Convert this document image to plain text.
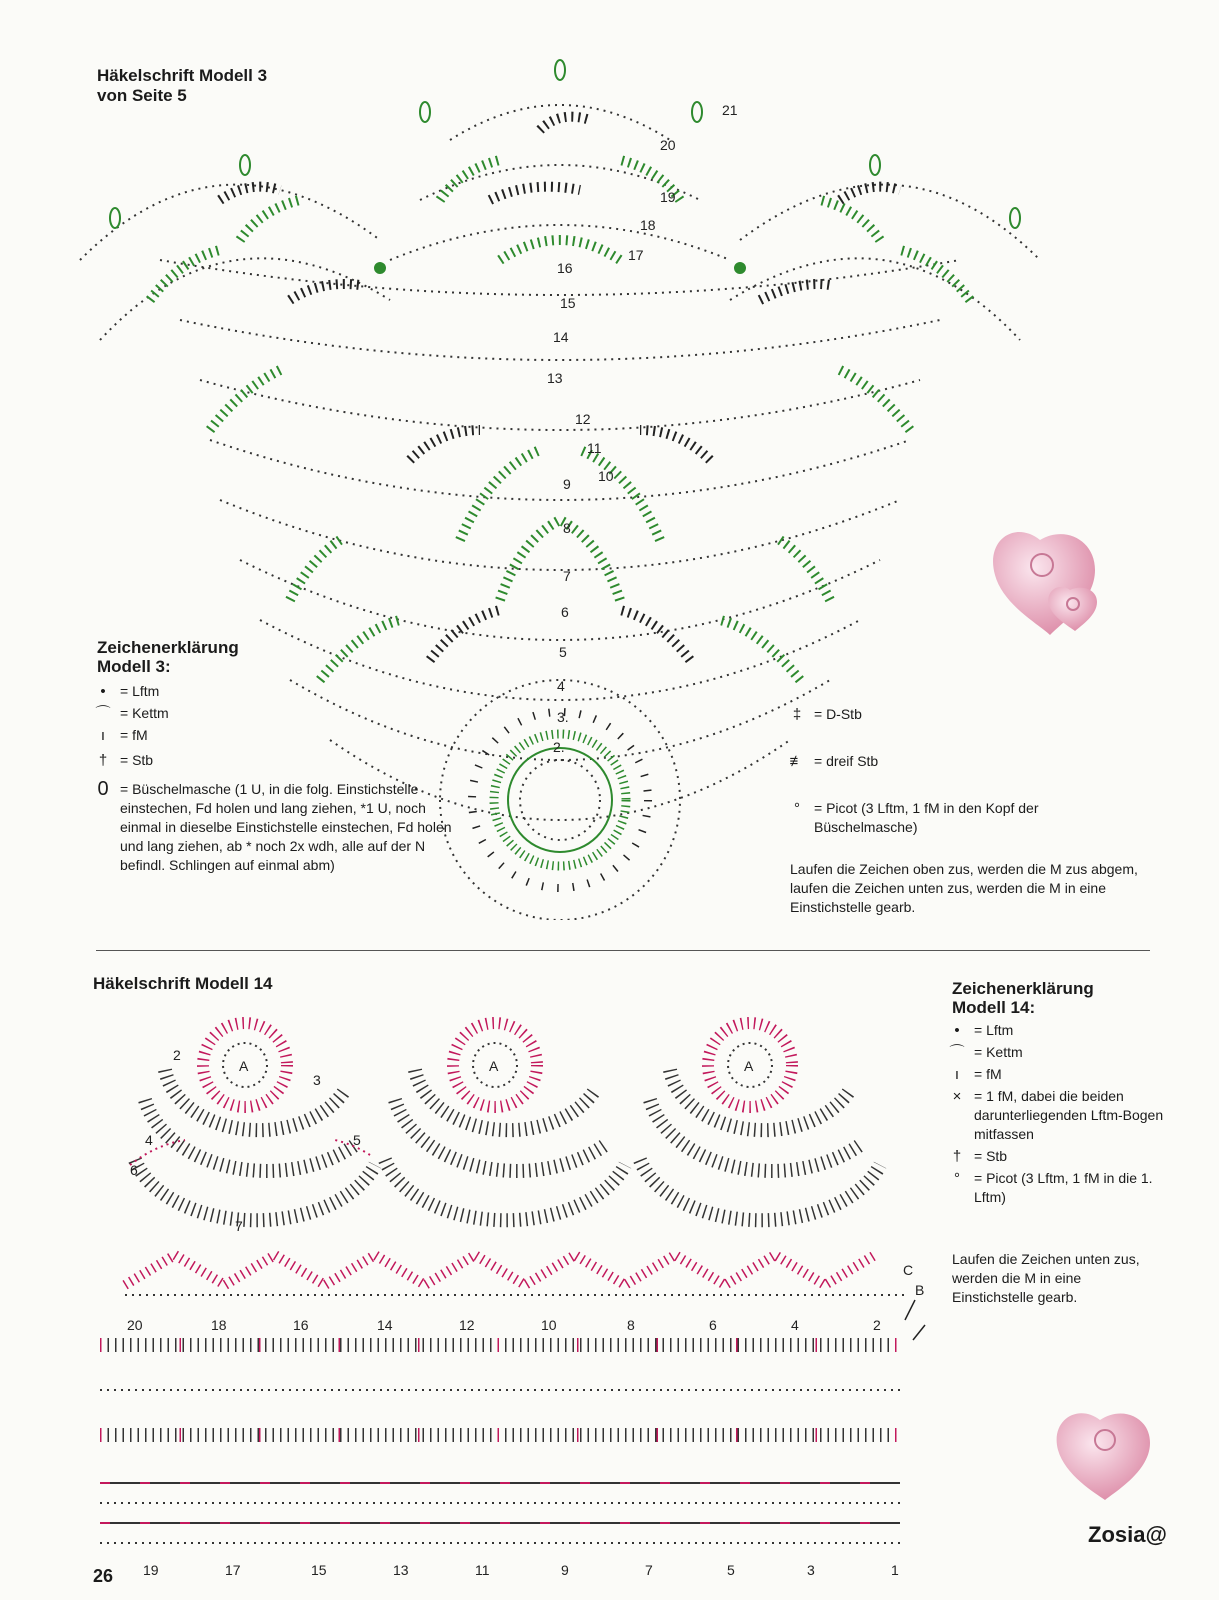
Häkelschrift Modell 3
von Seite 5
2.
3.
4
5
6
7
8
9 10
11
12
13
14
15
16
17
18
19
20
21
Zeichenerklärung
Modell 3:
•	= Lftm
⌒ = Kettm
ı	= fM
† = Stb
0 = Büschelmasche (1 U, in die folg. Einstichstelle einstechen, Fd holen und lang ziehen, *1 U, noch einmal in dieselbe Einstichstelle einstechen, Fd holen und lang ziehen, ab * noch 2x wdh, alle auf der N befindl. Schlingen auf einmal abm)
‡ = D-Stb
≢ = dreif Stb
°	= Picot (3 Lftm, 1 fM in den Kopf der Büschelmasche)
Laufen die Zeichen oben zus, werden die M zus abgem, laufen die Zeichen unten zus, werden die M in eine Einstichstelle gearb.
Häkelschrift Modell 14
A	A	A
2
3
4	5
6
7
2
4
6
8
10
12
14
16
18
20
1
3
5
7
9
11
13
15
17
19
B
C
Zeichenerklärung
Modell 14:
•	= Lftm
⌒ = Kettm
ı	= fM
× = 1 fM, dabei die beiden darunterliegenden Lftm-Bogen mitfassen
† = Stb
°	= Picot (3 Lftm, 1 fM in die 1. Lftm)
Laufen die Zeichen unten zus, werden die M in eine Einstichstelle gearb.
26
Zosia@
